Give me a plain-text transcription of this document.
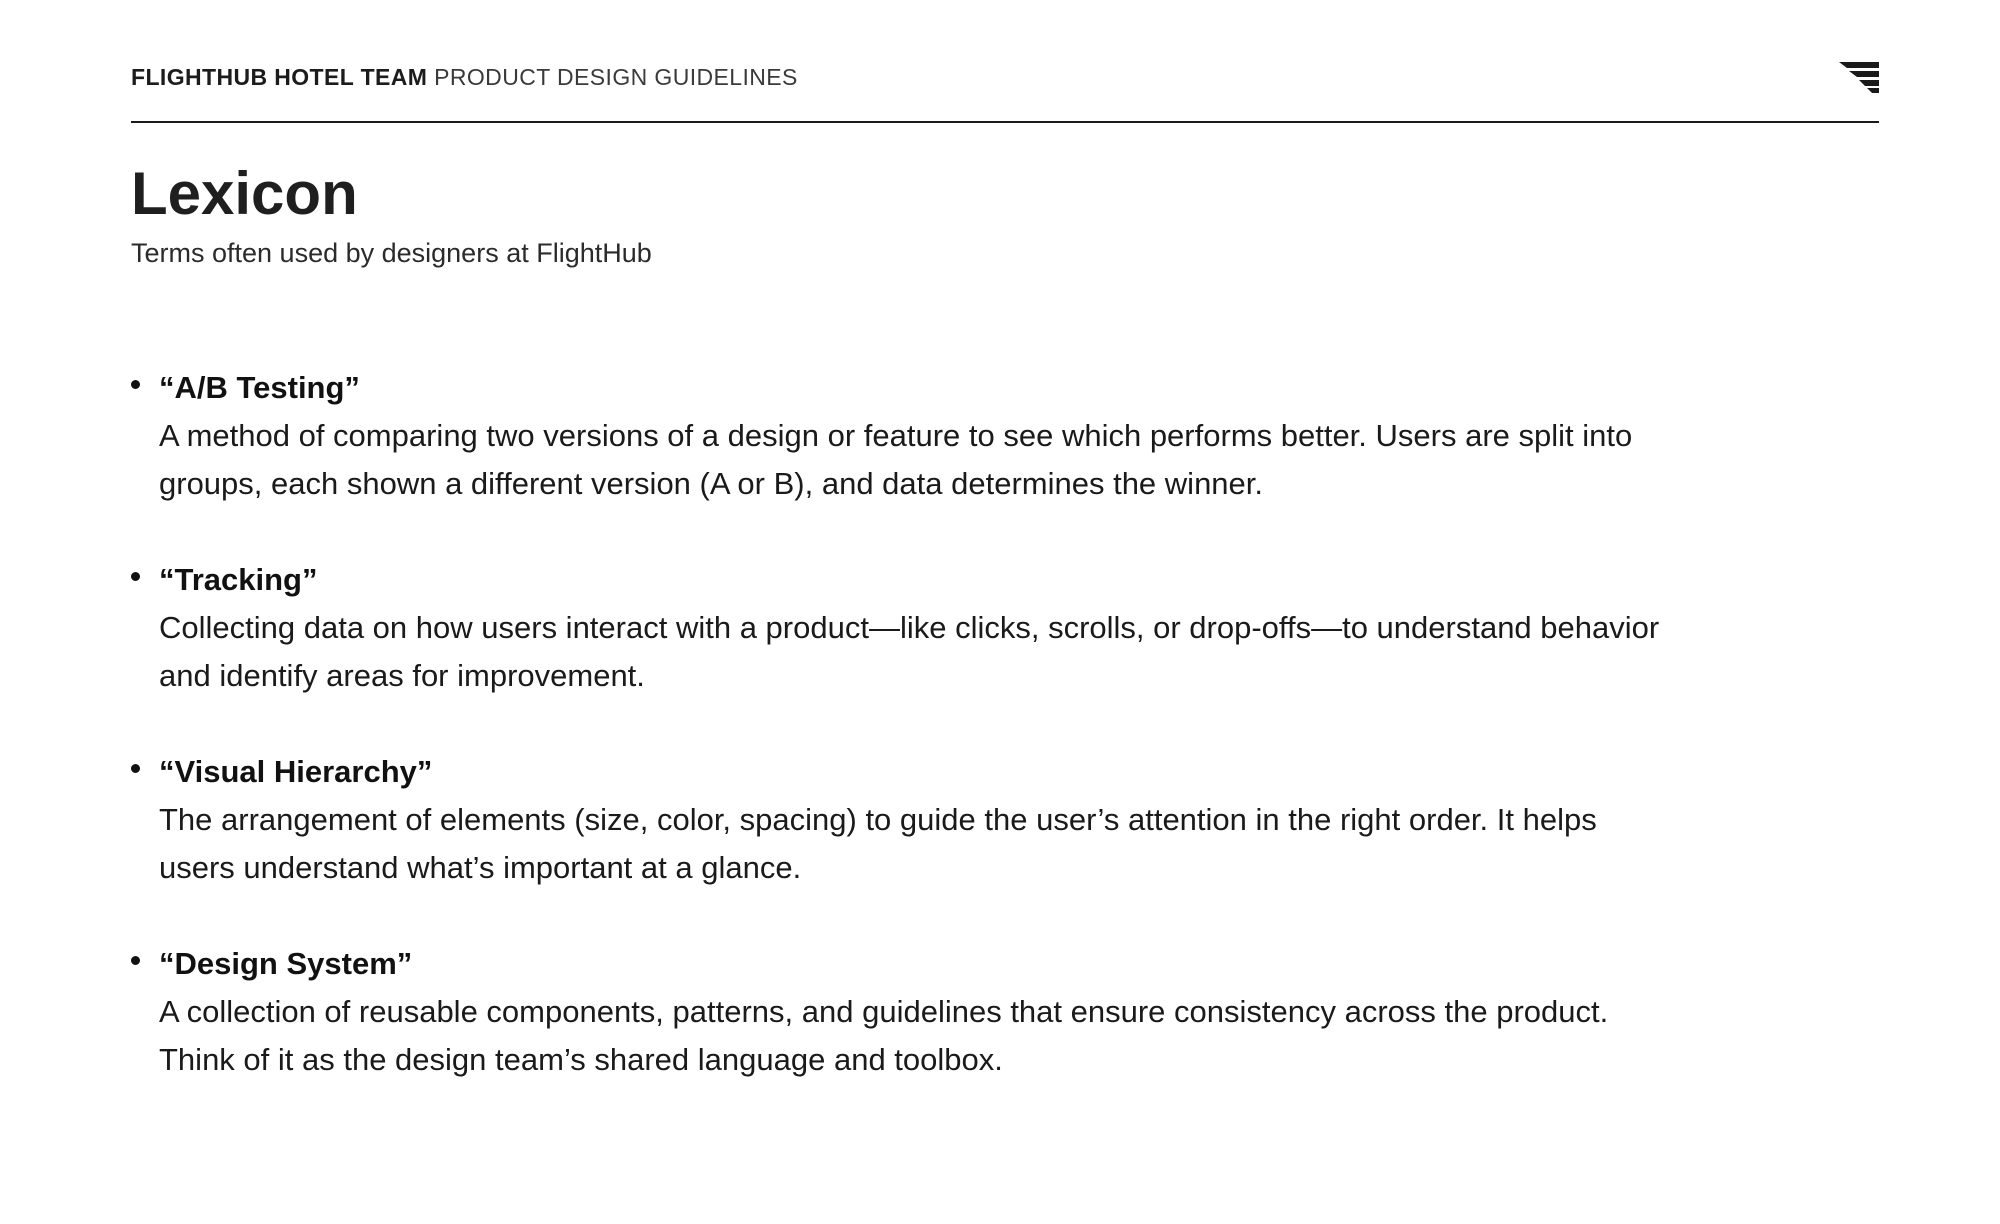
FLIGHTHUB HOTEL TEAM PRODUCT DESIGN GUIDELINES
Lexicon

Terms often used by designers at FlightHub

“A/B Testing”
A method of comparing two versions of a design or feature to see which performs better. Users are split into
groups, each shown a different version (A or B), and data determines the winner.
“Tracking”
Collecting data on how users interact with a product—like clicks, scrolls, or drop-offs—to understand behavior
and identify areas for improvement.
“Visual Hierarchy”
The arrangement of elements (size, color, spacing) to guide the user’s attention in the right order. It helps
users understand what’s important at a glance.
“Design System”
A collection of reusable components, patterns, and guidelines that ensure consistency across the product.
Think of it as the design team’s shared language and toolbox.
